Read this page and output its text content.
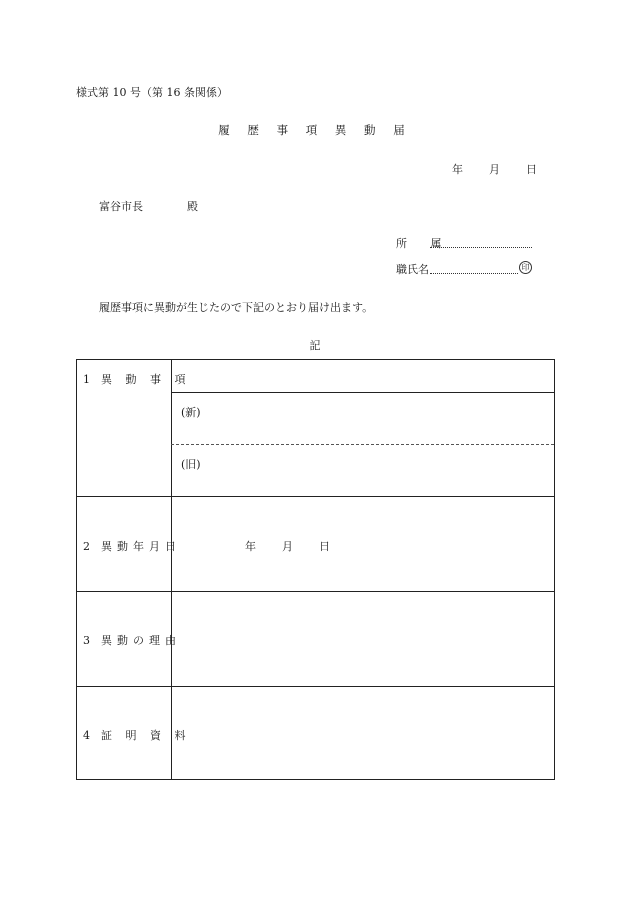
様式第 10 号（第 16 条関係）
履 歴 事 項 異 動 届
年 月 日
富谷市長	殿
所 属
職氏名	印
履歴事項に異動が生じたので下記のとおり届け出ます。
記
1 異 動 事 項
(新)
(旧)
2 異動年月日	年 月 日
3 異動の理由
4 証 明 資 料
